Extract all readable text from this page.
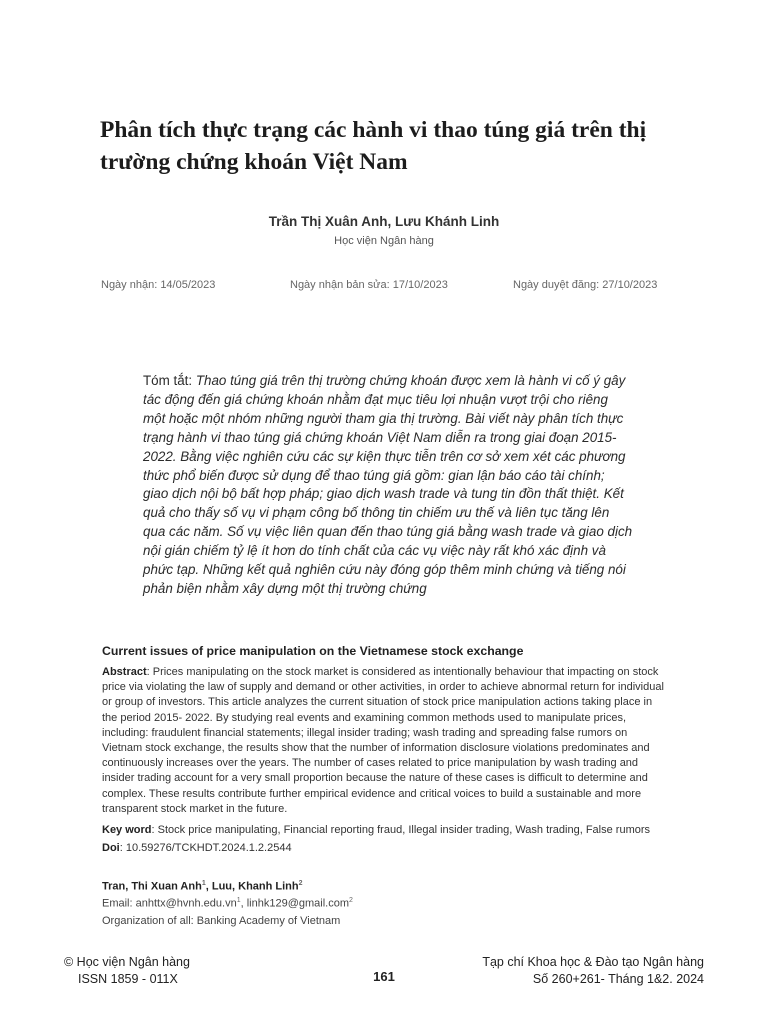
Phân tích thực trạng các hành vi thao túng giá trên thị trường chứng khoán Việt Nam
Trần Thị Xuân Anh, Lưu Khánh Linh
Học viện Ngân hàng
Ngày nhận: 14/05/2023	Ngày nhận bản sửa: 17/10/2023	Ngày duyệt đăng: 27/10/2023
Tóm tắt: Thao túng giá trên thị trường chứng khoán được xem là hành vi cố ý gây tác động đến giá chứng khoán nhằm đạt mục tiêu lợi nhuận vượt trội cho riêng một hoặc một nhóm những người tham gia thị trường. Bài viết này phân tích thực trạng hành vi thao túng giá chứng khoán Việt Nam diễn ra trong giai đoạn 2015- 2022. Bằng việc nghiên cứu các sự kiện thực tiễn trên cơ sở xem xét các phương thức phổ biến được sử dụng để thao túng giá gồm: gian lận báo cáo tài chính; giao dịch nội bộ bất hợp pháp; giao dịch wash trade và tung tin đồn thất thiệt. Kết quả cho thấy số vụ vi phạm công bố thông tin chiếm ưu thế và liên tục tăng lên qua các năm. Số vụ việc liên quan đến thao túng giá bằng wash trade và giao dịch nội gián chiếm tỷ lệ ít hơn do tính chất của các vụ việc này rất khó xác định và phức tạp. Những kết quả nghiên cứu này đóng góp thêm minh chứng và tiếng nói phản biện nhằm xây dựng một thị trường chứng
Current issues of price manipulation on the Vietnamese stock exchange
Abstract: Prices manipulating on the stock market is considered as intentionally behaviour that impacting on stock price via violating the law of supply and demand or other activities, in order to achieve abnormal return for individual or group of investors. This article analyzes the current situation of stock price manipulation actions taking place in the period 2015- 2022. By studying real events and examining common methods used to manipulate prices, including: fraudulent financial statements; illegal insider trading; wash trading and spreading false rumors on Vietnam stock exchange, the results show that the number of information disclosure violations predominates and continuously increases over the years. The number of cases related to price manipulation by wash trading and insider trading account for a very small proportion because the nature of these cases is difficult to determine and complex. These results contribute further empirical evidence and critical voices to build a sustainable and more transparent stock market in the future.
Key word: Stock price manipulating, Financial reporting fraud, Illegal insider trading, Wash trading, False rumors
Doi: 10.59276/TCKHDT.2024.1.2.2544
Tran, Thi Xuan Anh$^1$, Luu, Khanh Linh$^2$
Email: $anhttx@hvnh.edu.vn^1$, linhk129@gmail.com$^2$
Organization of all: Banking Academy of Vietnam
© Học viện Ngân hàng
ISSN 1859 - 011X	161
Tạp chí Khoa học & Đào tạo Ngân hàng
Số 260+261- Tháng 1&2. 2024
